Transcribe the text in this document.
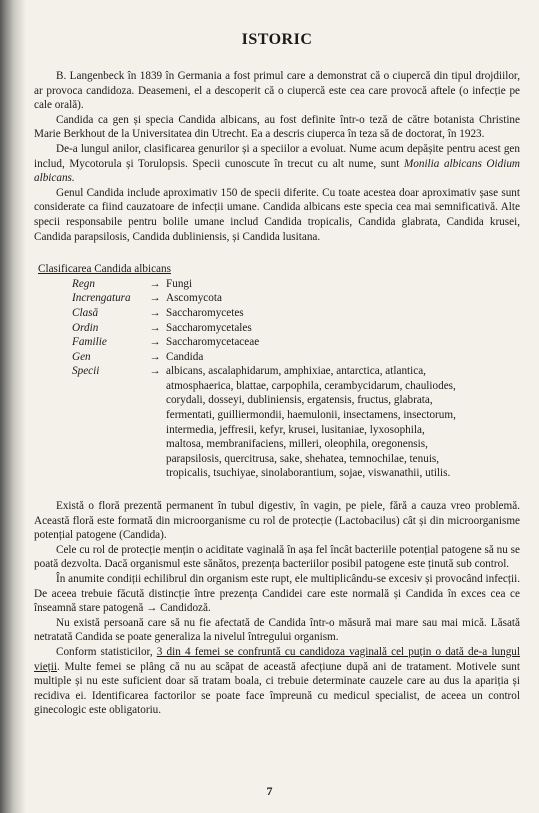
ISTORIC

B. Langenbeck în 1839 în Germania a fost primul care a demonstrat că o ciupercă din tipul drojdiilor, ar provoca candidoza. Deasemeni, el a descoperit că o ciupercă este cea care provocă aftele (o infecție pe cale orală).

Candida ca gen și specia Candida albicans, au fost definite într-o teză de către botanista Christine Marie Berkhout de la Universitatea din Utrecht. Ea a descris ciuperca în teza să de doctorat, în 1923.

De-a lungul anilor, clasificarea genurilor și a speciilor a evoluat. Nume acum depășite pentru acest gen includ, Mycotorula și Torulopsis. Specii cunoscute în trecut cu alt nume, sunt Monilia albicans Oidium albicans.

Genul Candida include aproximativ 150 de specii diferite. Cu toate acestea doar aproximativ șase sunt considerate ca fiind cauzatoare de infecții umane. Candida albicans este specia cea mai semnificativă. Alte specii responsabile pentru bolile umane includ Candida tropicalis, Candida glabrata, Candida krusei, Candida parapsilosis, Candida dubliniensis, și Candida lusitana.

Clasificarea Candida albicans
Regn	→ Fungi
Increngatura	→ Ascomycota
Clasă	→ Saccharomycetes
Ordin	→ Saccharomycetales
Familie	→ Saccharomycetaceae
Gen	→ Candida
Specii	→ albicans, ascalaphidarum, amphixiae, antarctica, atlantica, atmosphaerica, blattae, carpophila, cerambycidarum, chauliodes, corydali, dosseyi, dubliniensis, ergatensis, fructus, glabrata, fermentati, guilliermondii, haemulonii, insectamens, insectorum, intermedia, jeffresii, kefyr, krusei, lusitaniae, lyxosophila, maltosa, membranifaciens, milleri, oleophila, oregonensis, parapsilosis, quercitrusa, sake, shehatea, temnochilae, tenuis, tropicalis, tsuchiyae, sinolaborantium, sojae, viswanathii, utilis.

Există o floră prezentă permanent în tubul digestiv, în vagin, pe piele, fără a cauza vreo problemă. Această floră este formată din microorganisme cu rol de protecție (Lactobacilus) cât și din microorganisme potențial patogene (Candida).

Cele cu rol de protecție mențin o aciditate vaginală în așa fel încât bacteriile potențial patogene să nu se poată dezvolta. Dacă organismul este sănătos, prezența bacteriilor posibil patogene este ținută sub control.

În anumite condiții echilibrul din organism este rupt, ele multiplicându-se excesiv și provocând infecții. De aceea trebuie făcută distincție între prezența Candidei care este normală și Candida în exces cea ce înseamnă stare patogenă → Candidoză.

Nu există persoană care să nu fie afectată de Candida într-o măsură mai mare sau mai mică. Lăsată netratată Candida se poate generaliza la nivelul întregului organism.

Conform statisticilor, 3 din 4 femei se confruntă cu candidoza vaginală cel puțin o dată de-a lungul vieții. Multe femei se plâng că nu au scăpat de această afecțiune după ani de tratament. Motivele sunt multiple și nu este suficient doar să tratam boala, ci trebuie determinate cauzele care au dus la apariția și recidiva ei. Identificarea factorilor se poate face împreună cu medicul specialist, de aceea un control ginecologic este obligatoriu.

7
